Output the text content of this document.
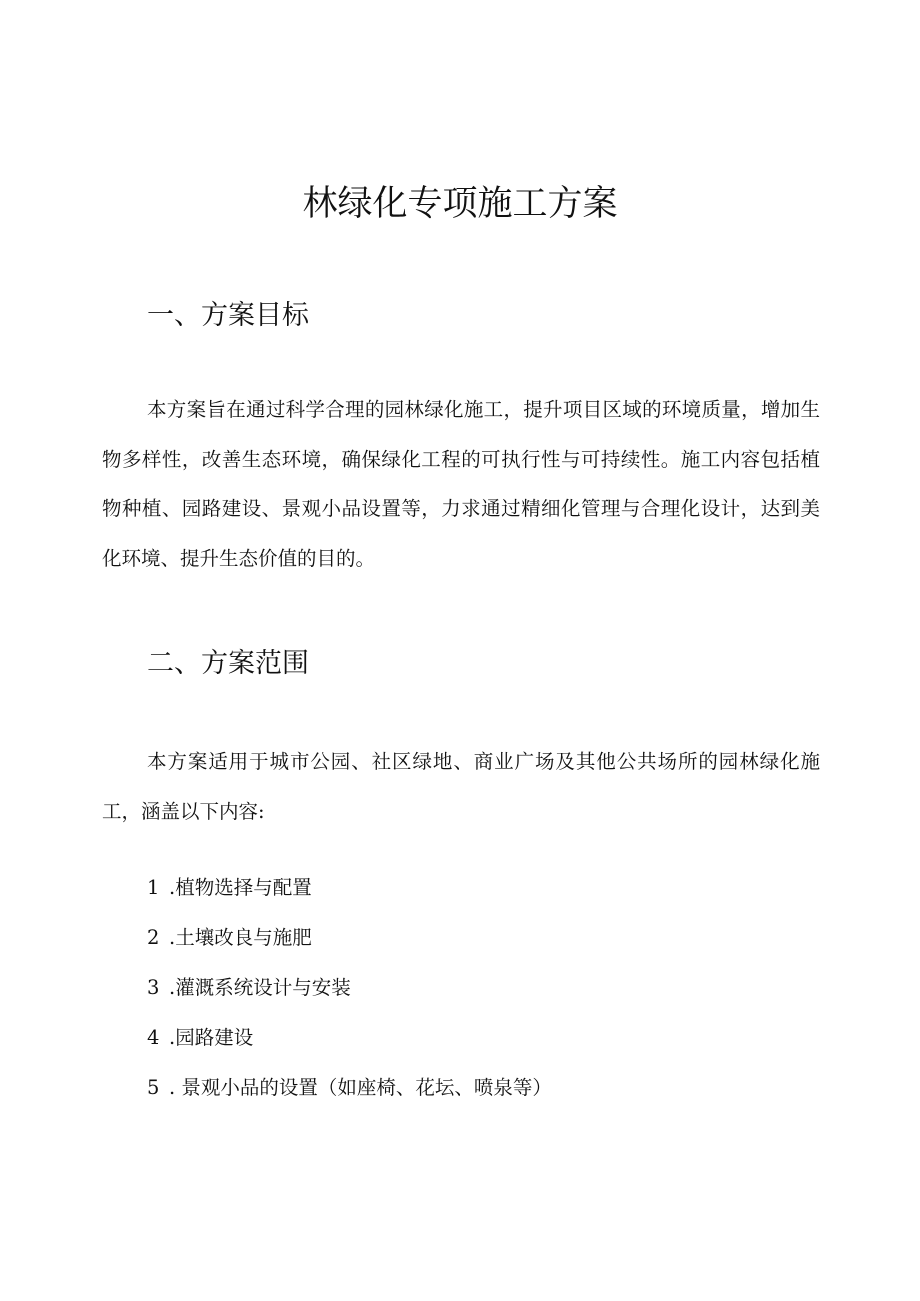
林绿化专项施工方案
一、方案目标

本方案旨在通过科学合理的园林绿化施工，提升项目区域的环境质量，增加生物多样性，改善生态环境，确保绿化工程的可执行性与可持续性。施工内容包括植物种植、园路建设、景观小品设置等，力求通过精细化管理与合理化设计，达到美化环境、提升生态价值的目的。

二、方案范围

本方案适用于城市公园、社区绿地、商业广场及其他公共场所的园林绿化施工，涵盖以下内容:

1 .植物选择与配置
2 .土壤改良与施肥
3 .灌溉系统设计与安装
4 .园路建设
5 . 景观小品的设置（如座椅、花坛、喷泉等）
